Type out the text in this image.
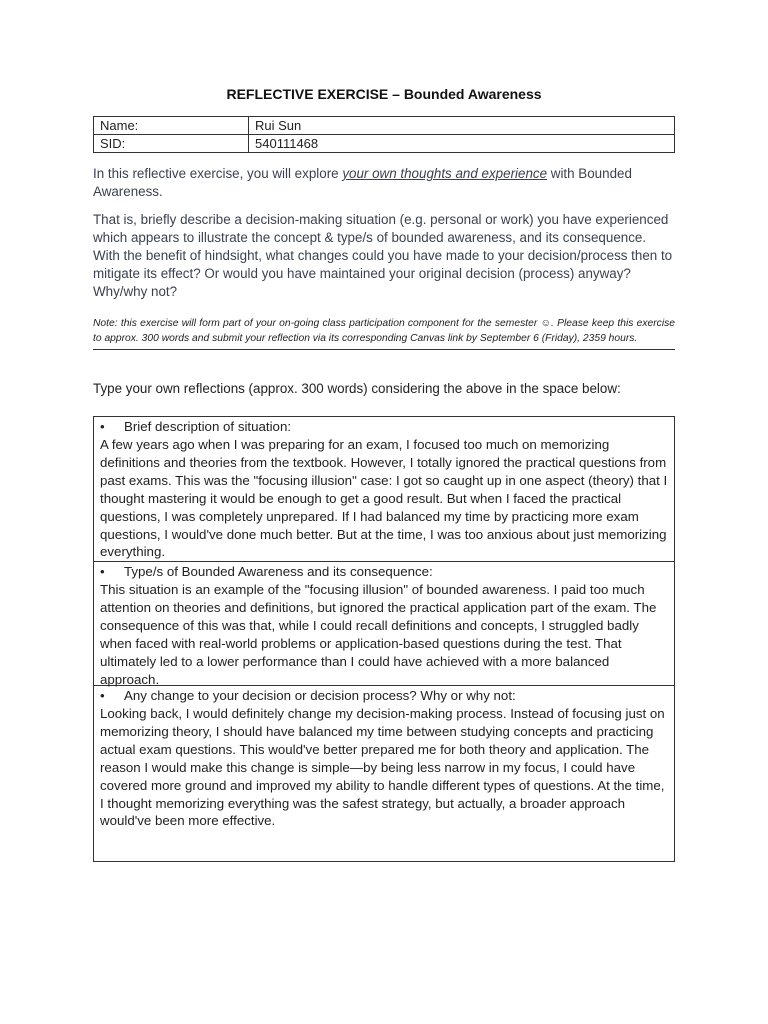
REFLECTIVE EXERCISE – Bounded Awareness
Name:	Rui Sun
SID:	540111468
In this reflective exercise, you will explore your own thoughts and experience with Bounded Awareness.
That is, briefly describe a decision-making situation (e.g. personal or work) you have experienced which appears to illustrate the concept & type/s of bounded awareness, and its consequence. With the benefit of hindsight, what changes could you have made to your decision/process then to mitigate its effect? Or would you have maintained your original decision (process) anyway? Why/why not?
Note: this exercise will form part of your on-going class participation component for the semester ☺. Please keep this exercise to approx. 300 words and submit your reflection via its corresponding Canvas link by September 6 (Friday), 2359 hours.
Type your own reflections (approx. 300 words) considering the above in the space below:
• Brief description of situation:
A few years ago when I was preparing for an exam, I focused too much on memorizing definitions and theories from the textbook. However, I totally ignored the practical questions from past exams. This was the "focusing illusion" case: I got so caught up in one aspect (theory) that I thought mastering it would be enough to get a good result. But when I faced the practical questions, I was completely unprepared. If I had balanced my time by practicing more exam questions, I would've done much better. But at the time, I was too anxious about just memorizing everything.
• Type/s of Bounded Awareness and its consequence:
This situation is an example of the "focusing illusion" of bounded awareness. I paid too much attention on theories and definitions, but ignored the practical application part of the exam. The consequence of this was that, while I could recall definitions and concepts, I struggled badly when faced with real-world problems or application-based questions during the test. That ultimately led to a lower performance than I could have achieved with a more balanced approach.
• Any change to your decision or decision process? Why or why not:
Looking back, I would definitely change my decision-making process. Instead of focusing just on memorizing theory, I should have balanced my time between studying concepts and practicing actual exam questions. This would've better prepared me for both theory and application. The reason I would make this change is simple—by being less narrow in my focus, I could have covered more ground and improved my ability to handle different types of questions. At the time, I thought memorizing everything was the safest strategy, but actually, a broader approach would've been more effective.
